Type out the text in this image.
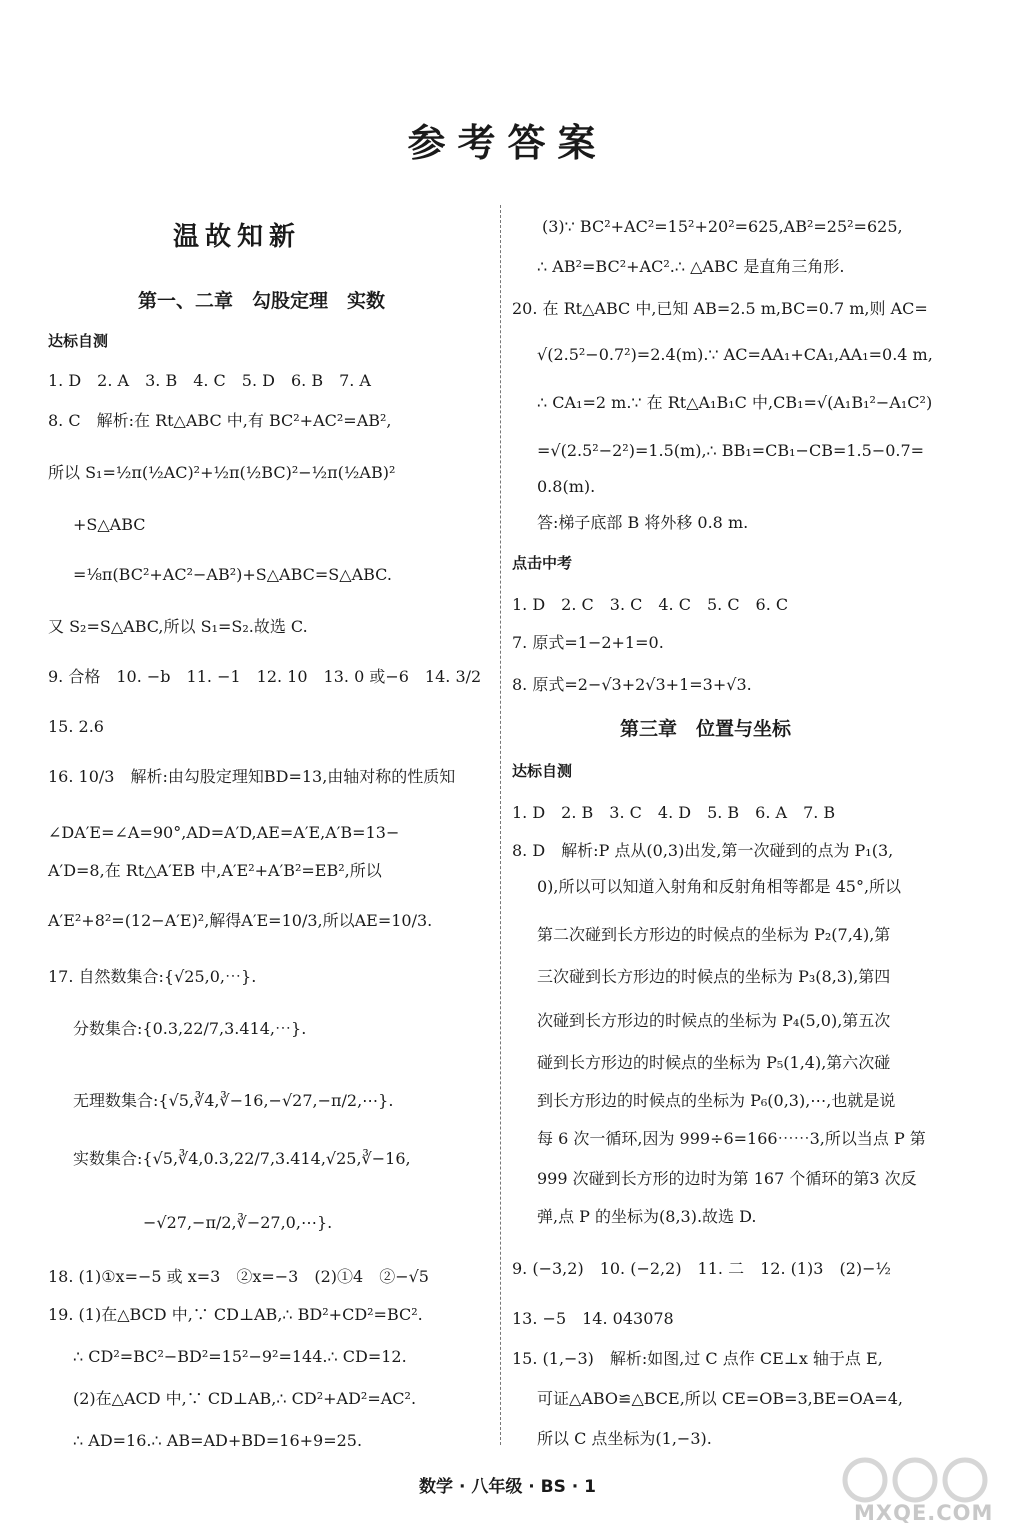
参考答案
温故知新
第一、二章　勾股定理　实数
达标自测
1. D　2. A　3. B　4. C　5. D　6. B　7. A
8. C　解析:在 Rt△ABC 中,有 BC²+AC²=AB²,
所以 S₁=½π(½AC)²+½π(½BC)²−½π(½AB)²
+S△ABC
=⅛π(BC²+AC²−AB²)+S△ABC=S△ABC.
又 S₂=S△ABC,所以 S₁=S₂.故选 C.
9. 合格　10. −b　11. −1　12. 10　13. 0 或−6　14. 3/2
15. 2.6
16. 10/3　解析:由勾股定理知BD=13,由轴对称的性质知
∠DA′E=∠A=90°,AD=A′D,AE=A′E,A′B=13−
A′D=8,在 Rt△A′EB 中,A′E²+A′B²=EB²,所以
A′E²+8²=(12−A′E)²,解得A′E=10/3,所以AE=10/3.
17. 自然数集合:{√25,0,⋯}.
分数集合:{0.3,22/7,3.414,⋯}.
无理数集合:{√5,∛4,∛−16,−√27,−π/2,⋯}.
实数集合:{√5,∛4,0.3,22/7,3.414,√25,∛−16,
−√27,−π/2,∛−27,0,⋯}.
18. (1)①x=−5 或 x=3　②x=−3　(2)①4　②−√5
19. (1)在△BCD 中,∵ CD⊥AB,∴ BD²+CD²=BC².
∴ CD²=BC²−BD²=15²−9²=144.∴ CD=12.
(2)在△ACD 中,∵ CD⊥AB,∴ CD²+AD²=AC².
∴ AD=16.∴ AB=AD+BD=16+9=25.
(3)∵ BC²+AC²=15²+20²=625,AB²=25²=625,
∴ AB²=BC²+AC².∴ △ABC 是直角三角形.
20. 在 Rt△ABC 中,已知 AB=2.5 m,BC=0.7 m,则 AC=
√(2.5²−0.7²)=2.4(m).∵ AC=AA₁+CA₁,AA₁=0.4 m,
∴ CA₁=2 m.∵ 在 Rt△A₁B₁C 中,CB₁=√(A₁B₁²−A₁C²)
=√(2.5²−2²)=1.5(m),∴ BB₁=CB₁−CB=1.5−0.7=
0.8(m).
答:梯子底部 B 将外移 0.8 m.
点击中考
1. D　2. C　3. C　4. C　5. C　6. C
7. 原式=1−2+1=0.
8. 原式=2−√3+2√3+1=3+√3.
第三章　位置与坐标
达标自测
1. D　2. B　3. C　4. D　5. B　6. A　7. B
8. D　解析:P 点从(0,3)出发,第一次碰到的点为 P₁(3,
0),所以可以知道入射角和反射角相等都是 45°,所以
第二次碰到长方形边的时候点的坐标为 P₂(7,4),第
三次碰到长方形边的时候点的坐标为 P₃(8,3),第四
次碰到长方形边的时候点的坐标为 P₄(5,0),第五次
碰到长方形边的时候点的坐标为 P₅(1,4),第六次碰
到长方形边的时候点的坐标为 P₆(0,3),⋯,也就是说
每 6 次一循环,因为 999÷6=166⋯⋯3,所以当点 P 第
999 次碰到长方形的边时为第 167 个循环的第3 次反
弹,点 P 的坐标为(8,3).故选 D.
9. (−3,2)　10. (−2,2)　11. 二　12. (1)3　(2)−½
13. −5　14. 043078
15. (1,−3)　解析:如图,过 C 点作 CE⊥x 轴于点 E,
可证△ABO≌△BCE,所以 CE=OB=3,BE=OA=4,
所以 C 点坐标为(1,−3).
数学 · 八年级 · BS · 1
MXQE.COM
